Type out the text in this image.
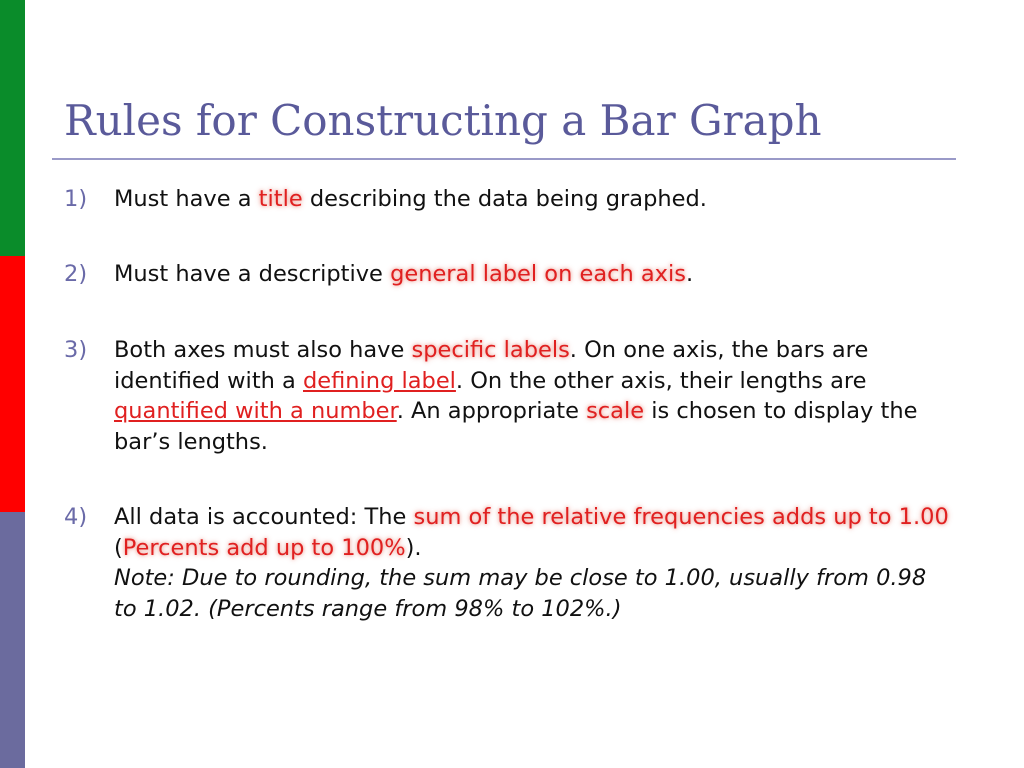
Rules for Constructing a Bar Graph
1) Must have a title describing the data being graphed.
2) Must have a descriptive general label on each axis.
3) Both axes must also have specific labels. On one axis, the bars are identified with a defining label. On the other axis, their lengths are quantified with a number. An appropriate scale is chosen to display the bar’s lengths.
4) All data is accounted: The sum of the relative frequencies adds up to 1.00 (Percents add up to 100%).
Note: Due to rounding, the sum may be close to 1.00, usually from 0.98 to 1.02. (Percents range from 98% to 102%.)
